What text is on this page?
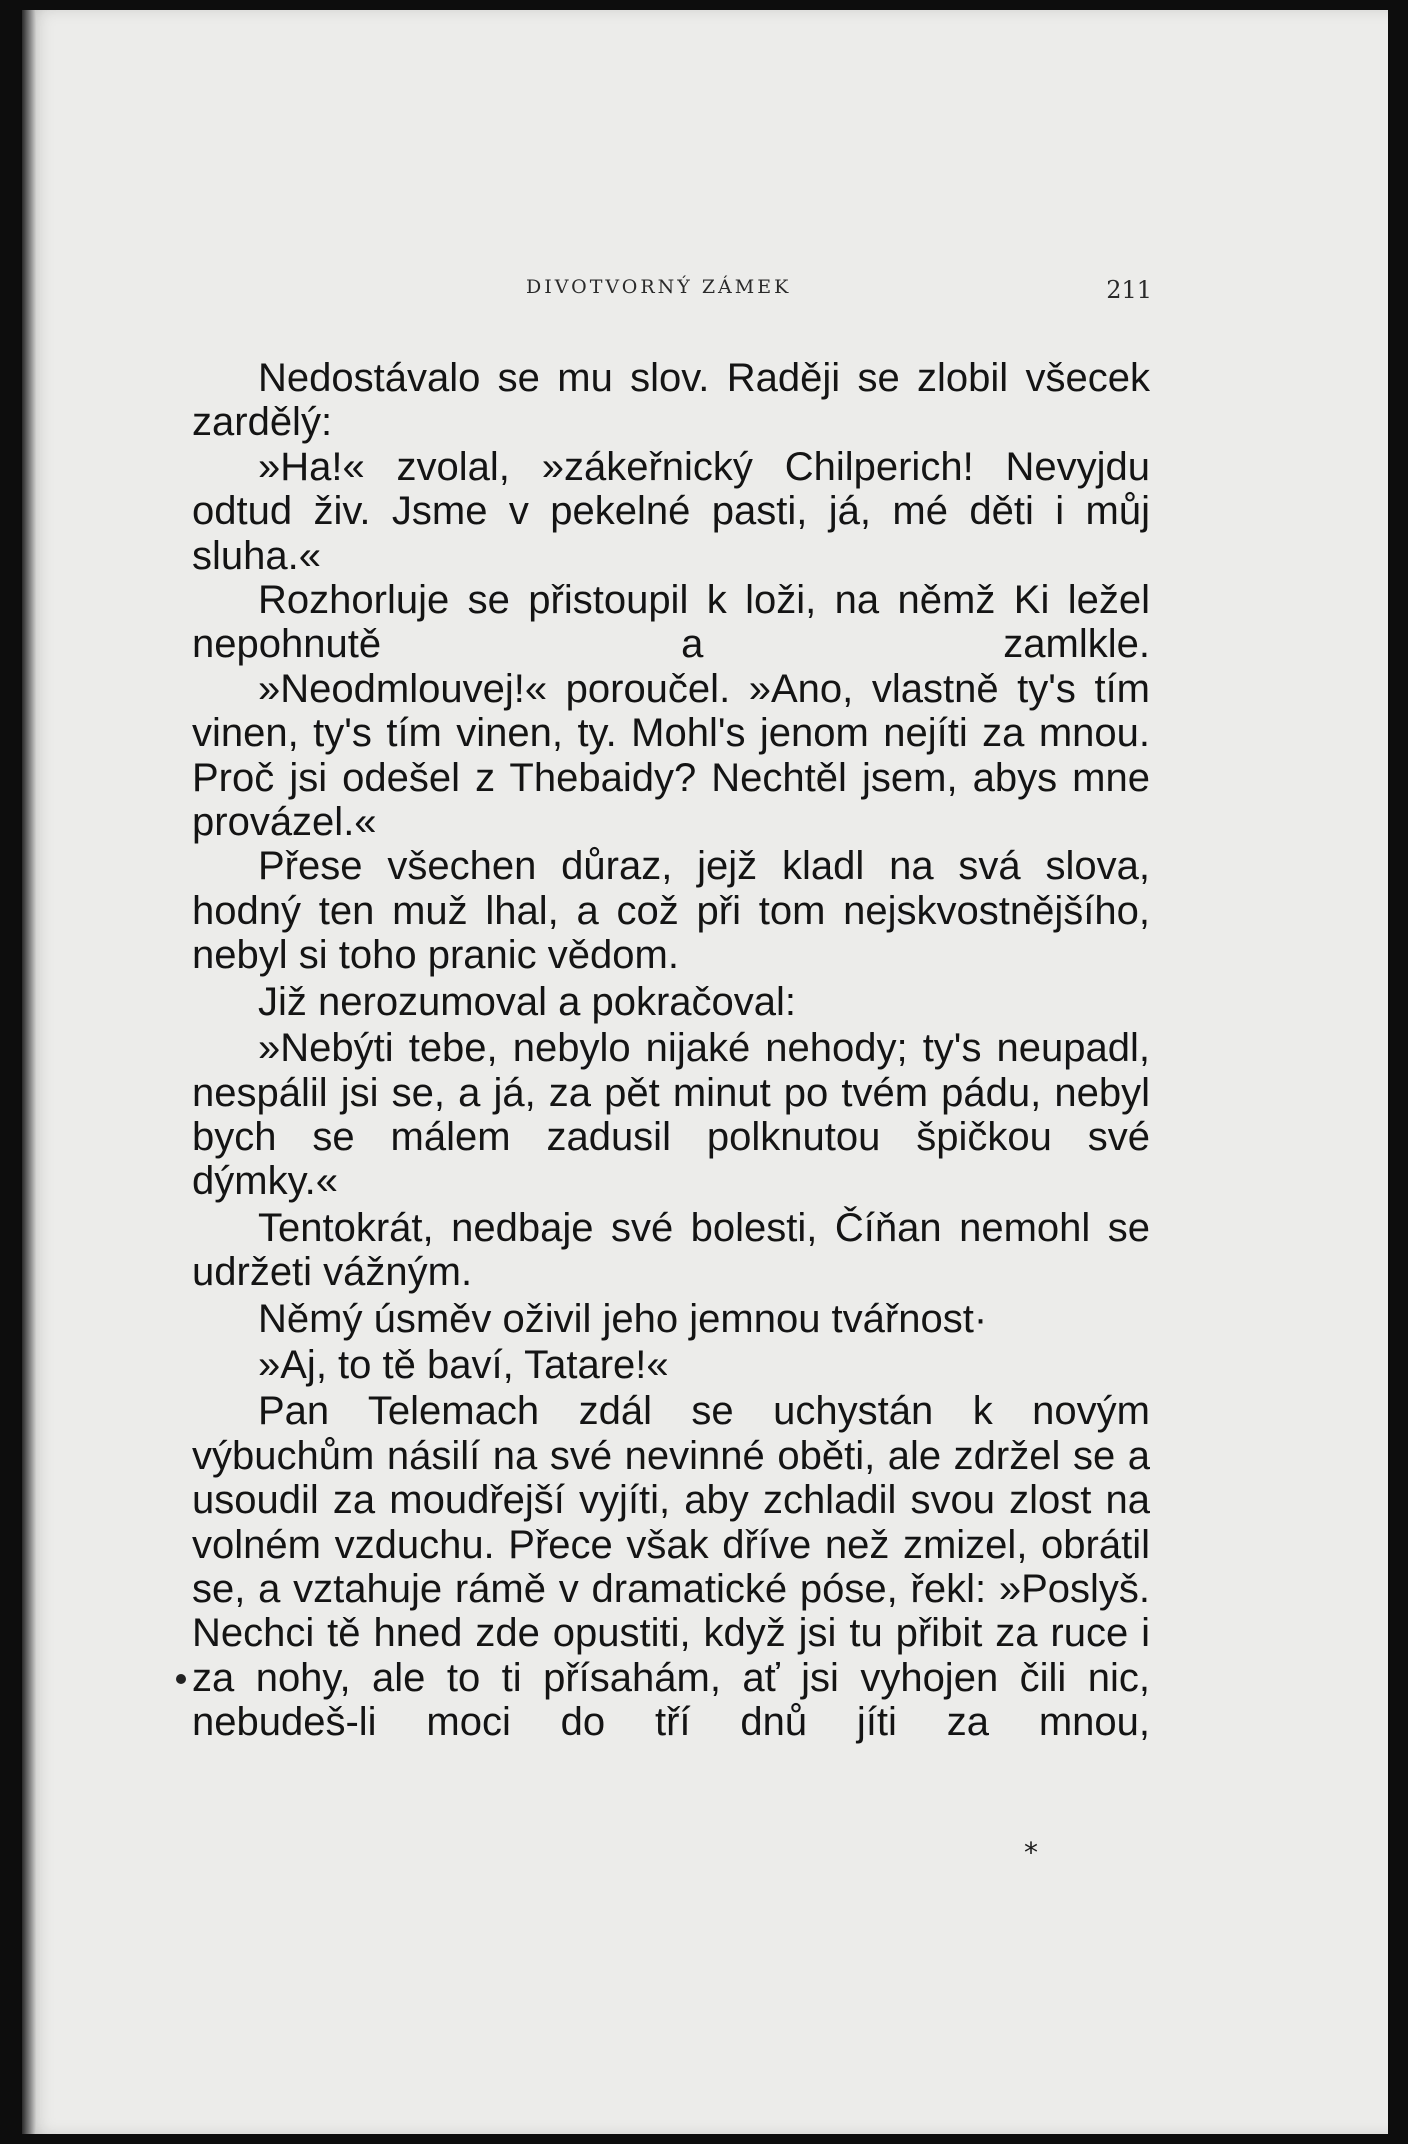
DIVOTVORNÝ ZÁMEK	211

Nedostávalo se mu slov. Raději se zlobil všecek zardělý:

»Ha!« zvolal, »zákeřnický Chilperich! Nevyjdu odtud živ. Jsme v pekelné pasti, já, mé děti i můj sluha.«

Rozhorluje se přistoupil k loži, na němž Ki ležel nepohnutě a zamlkle.

»Neodmlouvej!« poroučel. »Ano, vlastně ty's tím vinen, ty's tím vinen, ty. Mohl's jenom nejíti za mnou. Proč jsi odešel z Thebaidy? Nechtěl jsem, abys mne provázel.«

Přese všechen důraz, jejž kladl na svá slova, hodný ten muž lhal, a což při tom nejskvostnějšího, nebyl si toho pranic vědom.

Již nerozumoval a pokračoval:

»Nebýti tebe, nebylo nijaké nehody; ty's neupadl, nespálil jsi se, a já, za pět minut po tvém pádu, nebyl bych se málem zadusil polknutou špičkou své dýmky.«

Tentokrát, nedbaje své bolesti, Číňan nemohl se udržeti vážným.

Němý úsměv oživil jeho jemnou tvářnost·

»Aj, to tě baví, Tatare!«

Pan Telemach zdál se uchystán k novým výbuchům násilí na své nevinné oběti, ale zdržel se a usoudil za moudřejší vyjíti, aby zchladil svou zlost na volném vzduchu. Přece však dříve než zmizel, obrátil se, a vztahuje rámě v dramatické póse, řekl: »Poslyš. Nechci tě hned zde opustiti, když jsi tu přibit za ruce i za nohy, ale to ti přísahám, ať jsi vyhojen čili nic, nebudeš-li moci do tří dnů jíti za mnou,

*
